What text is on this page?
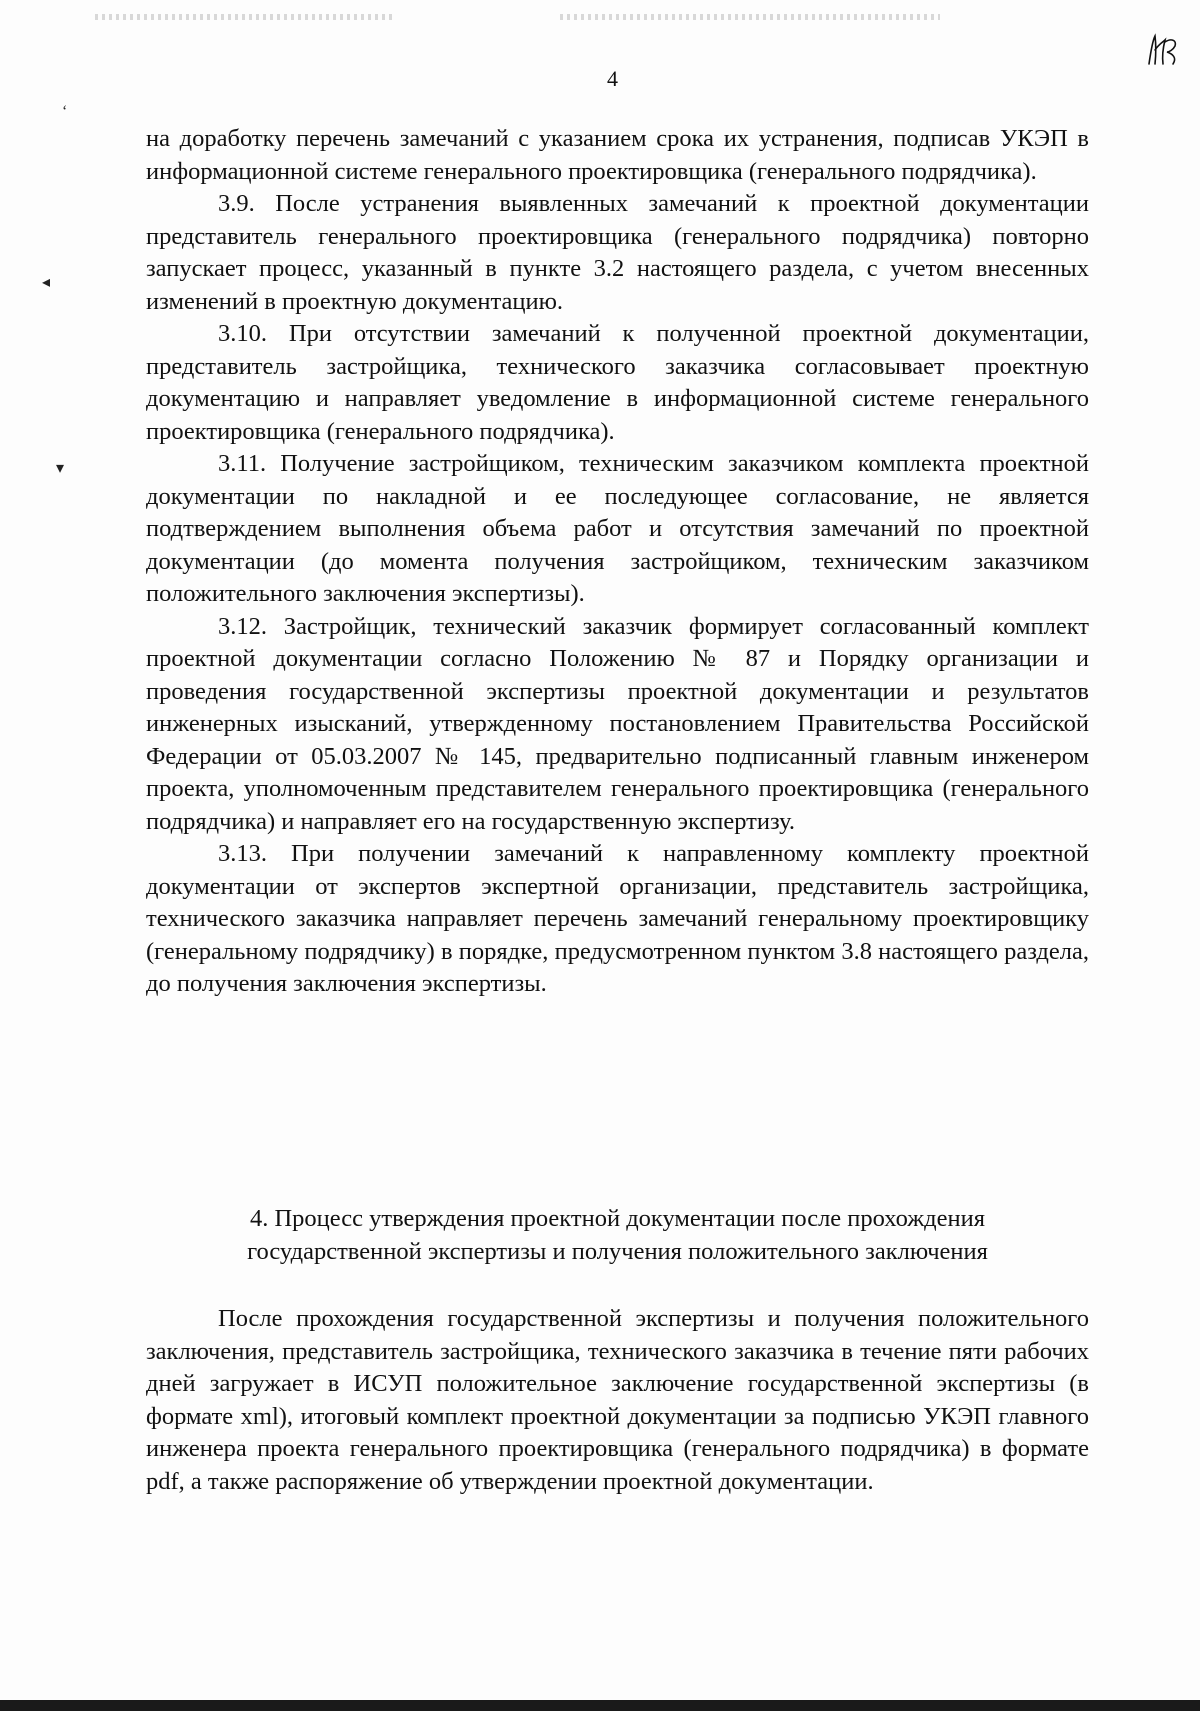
4
ʻ
◂
▾

на доработку перечень замечаний с указанием срока их устранения, подписав УКЭП в информационной системе генерального проектировщика (генерального подрядчика).

3.9. После устранения выявленных замечаний к проектной документации представитель генерального проектировщика (генерального подрядчика) повторно запускает процесс, указанный в пункте 3.2 настоящего раздела, с учетом внесенных изменений в проектную документацию.

3.10. При отсутствии замечаний к полученной проектной документации, представитель застройщика, технического заказчика согласовывает проектную документацию и направляет уведомление в информационной системе генерального проектировщика (генерального подрядчика).

3.11. Получение застройщиком, техническим заказчиком комплекта проектной документации по накладной и ее последующее согласование, не является подтверждением выполнения объема работ и отсутствия замечаний по проектной документации (до момента получения застройщиком, техническим заказчиком положительного заключения экспертизы).

3.12. Застройщик, технический заказчик формирует согласованный комплект проектной документации согласно Положению № 87 и Порядку организации и проведения государственной экспертизы проектной документации и результатов инженерных изысканий, утвержденному постановлением Правительства Российской Федерации от 05.03.2007 № 145, предварительно подписанный главным инженером проекта, уполномоченным представителем генерального проектировщика (генерального подрядчика) и направляет его на государственную экспертизу.

3.13. При получении замечаний к направленному комплекту проектной документации от экспертов экспертной организации, представитель застройщика, технического заказчика направляет перечень замечаний генеральному проектировщику (генеральному подрядчику) в порядке, предусмотренном пунктом 3.8 настоящего раздела, до получения заключения экспертизы.

4. Процесс утверждения проектной документации после прохождения
государственной экспертизы и получения положительного заключения

После прохождения государственной экспертизы и получения положительного заключения, представитель застройщика, технического заказчика в течение пяти рабочих дней загружает в ИСУП положительное заключение государственной экспертизы (в формате xml), итоговый комплект проектной документации за подписью УКЭП главного инженера проекта генерального проектировщика (генерального подрядчика) в формате pdf, а также распоряжение об утверждении проектной документации.
